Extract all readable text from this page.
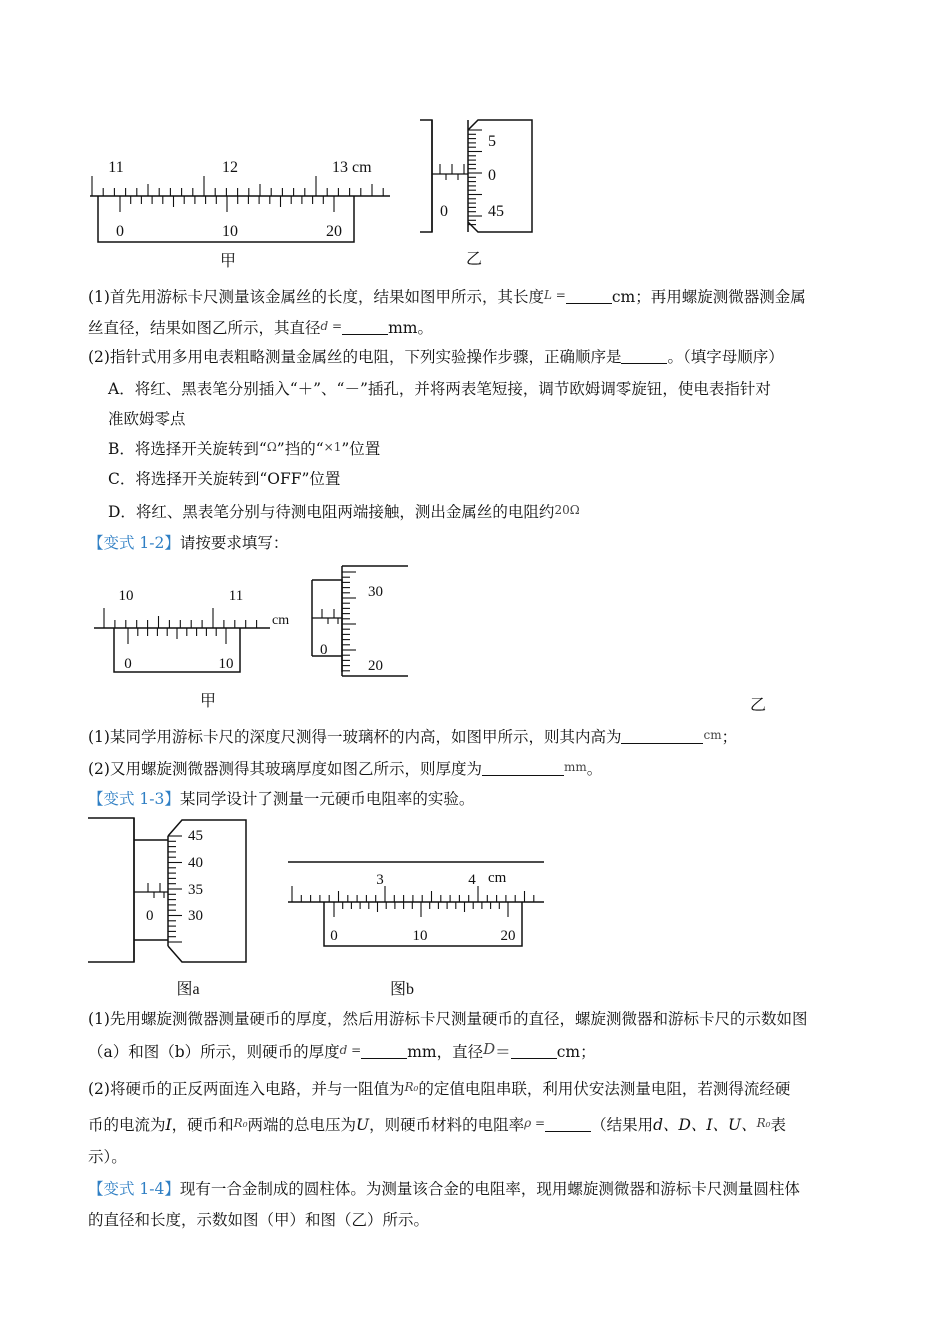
11	12	13 cm
0	10	20
甲
0
5
0
45
乙
(1)首先用游标卡尺测量该金属丝的长度，结果如图甲所示，其长度L =	cm；再用螺旋测微器测金属
丝直径，结果如图乙所示，其直径d =	mm。
(2)指针式用多用电表粗略测量金属丝的电阻，下列实验操作步骤，正确顺序是	。（填字母顺序）
A．将红、黑表笔分别插入“＋”、“－”插孔，并将两表笔短接，调节欧姆调零旋钮，使电表指针对
准欧姆零点
B．将选择开关旋转到“Ω”挡的“×1”位置
C．将选择开关旋转到“OFF”位置
D．将红、黑表笔分别与待测电阻两端接触，测出金属丝的电阻约20Ω
【变式 1-2】请按要求填写：
10	11
cm
0	10
甲
0
30
20
乙
(1)某同学用游标卡尺的深度尺测得一玻璃杯的内高，如图甲所示，则其内高为	cm；
(2)又用螺旋测微器测得其玻璃厚度如图乙所示，则厚度为	mm。
【变式 1-3】某同学设计了测量一元硬币电阻率的实验。
0
45
40
35
30
图a
3	4 cm
0	10	20
图b
(1)先用螺旋测微器测量硬币的厚度，然后用游标卡尺测量硬币的直径，螺旋测微器和游标卡尺的示数如图
（a）和图（b）所示，则硬币的厚度d =	mm，直径D＝	cm；
(2)将硬币的正反两面连入电路，并与一阻值为R₀的定值电阻串联，利用伏安法测量电阻，若测得流经硬
币的电流为I，硬币和R₀两端的总电压为U，则硬币材料的电阻率ρ =	（结果用d、D、I、U、R₀表
示）。
【变式 1-4】现有一合金制成的圆柱体。为测量该合金的电阻率，现用螺旋测微器和游标卡尺测量圆柱体
的直径和长度，示数如图（甲）和图（乙）所示。
